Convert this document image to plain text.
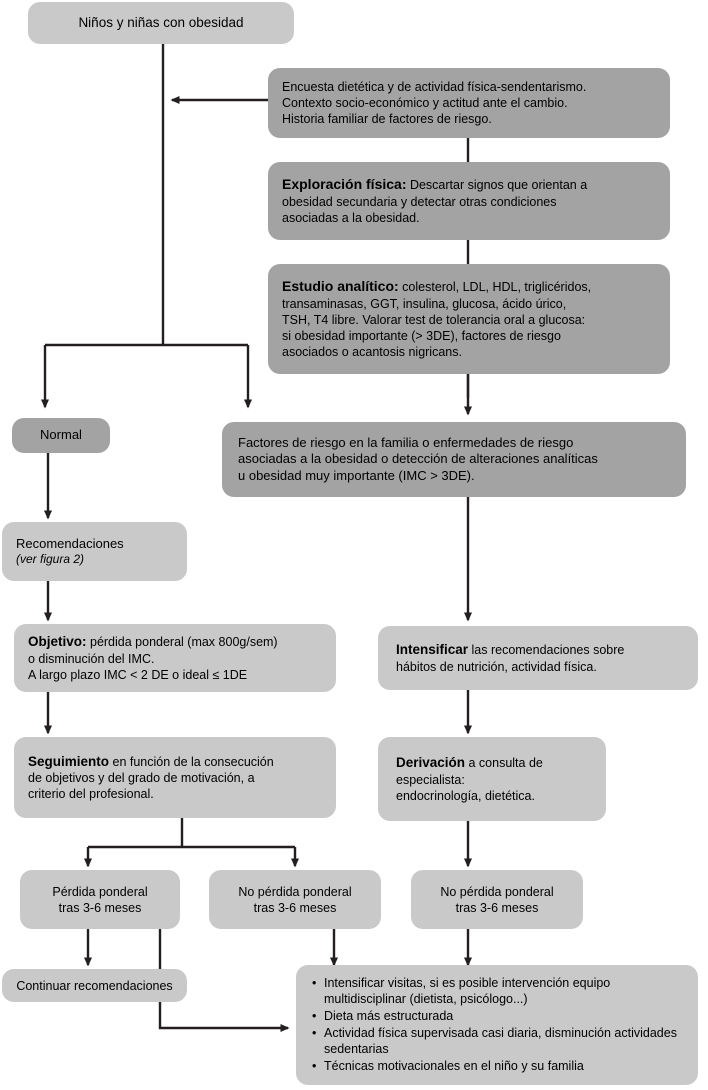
Niños y niñas con obesidad
Encuesta dietética y de actividad física-sendentarismo.
Contexto socio-económico y actitud ante el cambio.
Historia familiar de factores de riesgo.
Exploración física: Descartar signos que orientan a
obesidad secundaria y detectar otras condiciones
asociadas a la obesidad.
Estudio analítico: colesterol, LDL, HDL, triglicéridos,
transaminasas, GGT, insulina, glucosa, ácido úrico,
TSH, T4 libre. Valorar test de tolerancia oral a glucosa:
si obesidad importante (> 3DE), factores de riesgo
asociados o acantosis nigricans.
Normal	Factores de riesgo en la familia o enfermedades de riesgo
asociadas a la obesidad o detección de alteraciones analíticas
u obesidad muy importante (IMC > 3DE).
Recomendaciones
(ver figura 2)
Objetivo: pérdida ponderal (max 800g/sem)
o disminución del IMC.
A largo plazo IMC < 2 DE o ideal ≤ 1DE
Intensificar las recomendaciones sobre
hábitos de nutrición, actividad física.
Seguimiento en función de la consecución
de objetivos y del grado de motivación, a
criterio del profesional.
Derivación a consulta de
especialista:
endocrinología, dietética.
Pérdida ponderal
tras 3-6 meses
No pérdida ponderal
tras 3-6 meses
No pérdida ponderal
tras 3-6 meses
Continuar recomendaciones	• Intensificar visitas, si es posible intervención equipo multidisciplinar (dietista, psicólogo...)
• Dieta más estructurada
• Actividad física supervisada casi diaria, disminución actividades sedentarias
• Técnicas motivacionales en el niño y su familia
